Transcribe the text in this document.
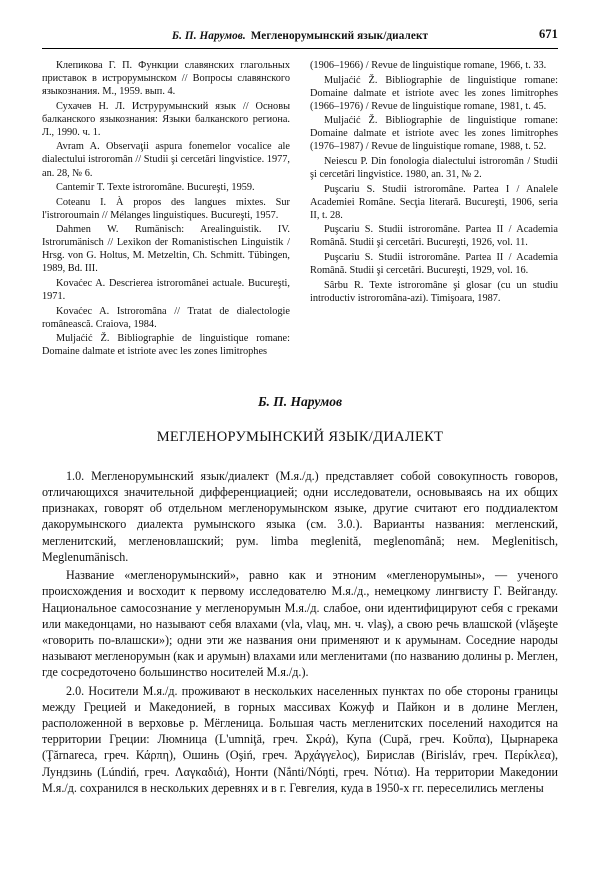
Б. П. Нарумов. Мегленорумынский язык/диалект	671

Клепикова Г. П. Функции славянских глагольных приставок в истрорумынском // Вопросы славянского языкознания. М., 1959. вып. 4.

Сухачев Н. Л. Иструрумынский язык // Основы балканского языкознания: Языки балканского региона. Л., 1990. ч. 1.

Avram A. Observaţii aspura fonemelor vocalice ale dialectului istroromân // Studii şi cercetări lingvistice. 1977, an. 28, № 6.

Cantemir T. Texte istroromâne. Bucureşti, 1959.

Coteanu I. À propos des langues mixtes. Sur l'istroroumain // Mélanges linguistiques. Bucureşti, 1957.

Dahmen W. Rumänisch: Arealinguistik. IV. Istrorumänisch // Lexikon der Romanistischen Linguistik / Hrsg. von G. Holtus, M. Metzeltin, Ch. Schmitt. Tübingen, 1989, Bd. III.

Kovaćec A. Descrierea istroromânei actuale. Bucureşti, 1971.

Kovaćec A. Istroromâna // Tratat de dialectologie românească. Craiova, 1984.

Muljaćić Ž. Bibliographie de linguistique romane: Domaine dalmate et istriote avec les zones limitrophes

(1906–1966) / Revue de linguistique romane, 1966, t. 33.

Muljaćić Ž. Bibliographie de linguistique romane: Domaine dalmate et istriote avec les zones limitrophes (1966–1976) / Revue de linguistique romane, 1981, t. 45.

Muljaćić Ž. Bibliographie de linguistique romane: Domaine dalmate et istriote avec les zones limitrophes (1976–1987) / Revue de linguistique romane, 1988, t. 52.

Neiescu P. Din fonologia dialectului istroromân / Studii şi cercetări lingvistice. 1980, an. 31, № 2.

Puşcariu S. Studii istroromâne. Partea I / Analele Academiei Române. Secţia literară. Bucureşti, 1906, seria II, t. 28.

Puşcariu S. Studii istroromâne. Partea II / Academia Română. Studii şi cercetări. Bucureşti, 1926, vol. 11.

Puşcariu S. Studii istroromâne. Partea II / Academia Română. Studii şi cercetări. Bucureşti, 1929, vol. 16.

Sârbu R. Texte istroromâne şi glosar (cu un studiu introductiv istroromâna-azi). Timişoara, 1987.

Б. П. Нарумов
МЕГЛЕНОРУМЫНСКИЙ ЯЗЫК/ДИАЛЕКТ

1.0. Мегленорумынский язык/диалект (М.я./д.) представляет собой совокупность говоров, отличающихся значительной дифференциацией; одни исследователи, основываясь на их общих признаках, говорят об отдельном мегленорумынском языке, другие считают его поддиалектом дакорумынского диалекта румынского языка (см. 3.0.). Варианты названия: мегленский, мегленитский, мегленовлашский; рум. limba meglenită, meglenomână; нем. Meglenitisch, Meglenumänisch.

Название «мегленорумынский», равно как и этноним «мегленорумыны», — ученого происхождения и восходит к первому исследователю М.я./д., немецкому лингвисту Г. Вейганду. Национальное самосознание у мегленорумын М.я./д. слабое, они идентифицируют себя с греками или македонцами, но называют себя влахами (vla, vlaų, мн. ч. vlaş), а свою речь влашской (vlăşeşte «говорить по-влашски»); одни эти же названия они применяют и к арумынам. Соседние народы называют мегленорумын (как и арумын) влахами или мегленитами (по названию долины р. Меглен, где сосредоточено большинство носителей М.я./д.).

2.0. Носители М.я./д. проживают в нескольких населенных пунктах по обе стороны границы между Грецией и Македонией, в горных массивах Кожуф и Пайкон и в долине Меглен, расположенной в верховье р. Мёгленица. Большая часть мегленитских поселений находится на территории Греции: Люмница (L'umniţă, греч. Σκρά), Купа (Cupă, греч. Κοῦπα), Цырнарека (Ţărnareca, греч. Κάρπη), Ошинь (Oşiń, греч. Ἀρχάγγελος), Бирислав (Birisláv, греч. Περίκλεα), Лундзинь (Lúndiń, греч. Λαγκαδιά), Нонти (Nắnti/Nóŋti, греч. Νότια). На территории Македонии М.я./д. сохранился в нескольких деревнях и в г. Гевгелия, куда в 1950-х гг. переселились меглены
